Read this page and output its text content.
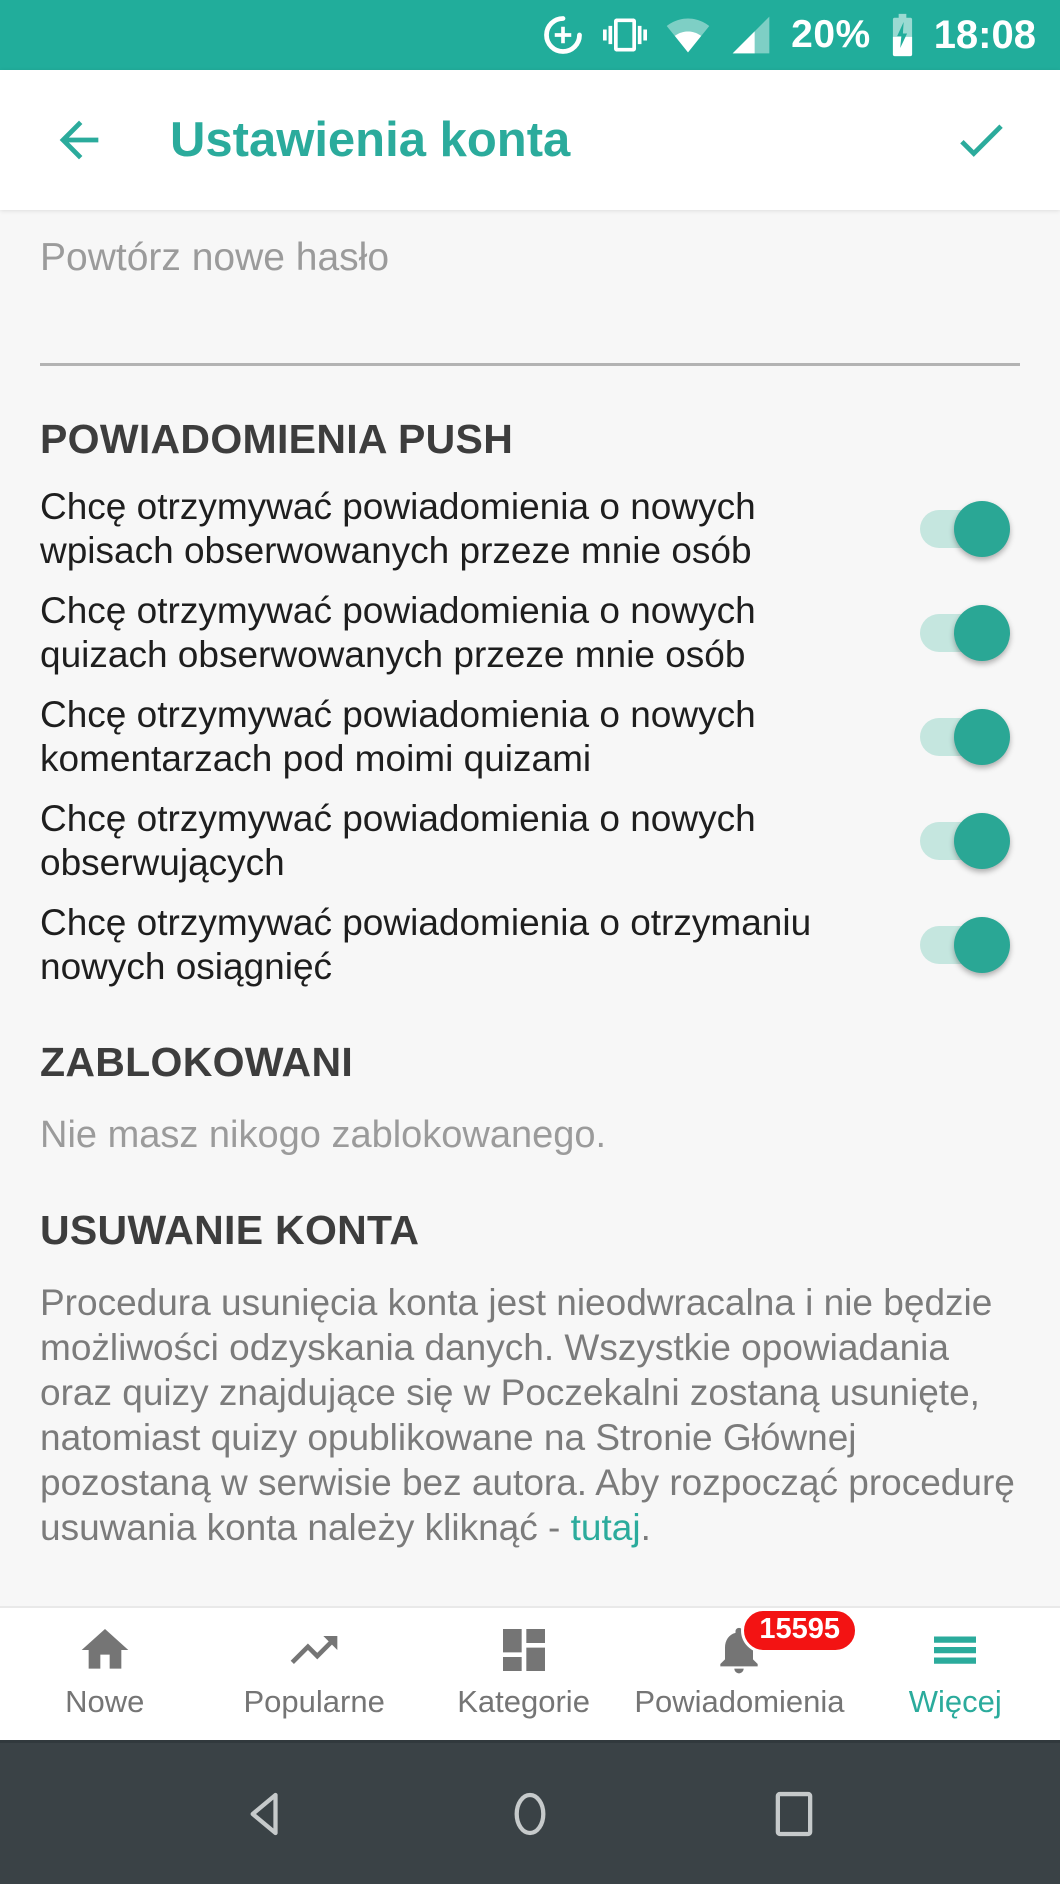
20% 18:08
Ustawienia konta
Powtórz nowe hasło
POWIADOMIENIA PUSH
Chcę otrzymywać powiadomienia o nowych wpisach obserwowanych przeze mnie osób
Chcę otrzymywać powiadomienia o nowych quizach obserwowanych przeze mnie osób
Chcę otrzymywać powiadomienia o nowych komentarzach pod moimi quizami
Chcę otrzymywać powiadomienia o nowych obserwujących
Chcę otrzymywać powiadomienia o otrzymaniu nowych osiągnięć
ZABLOKOWANI

Nie masz nikogo zablokowanego.

USUWANIE KONTA

Procedura usunięcia konta jest nieodwracalna i nie będzie możliwości odzyskania danych. Wszystkie opowiadania oraz quizy znajdujące się w Poczekalni zostaną usunięte, natomiast quizy opublikowane na Stronie Głównej pozostaną w serwisie bez autora. Aby rozpocząć procedurę usuwania konta należy kliknąć - tutaj.

Nowe	Popularne Kategorie
15595
Powiadomienia Więcej
